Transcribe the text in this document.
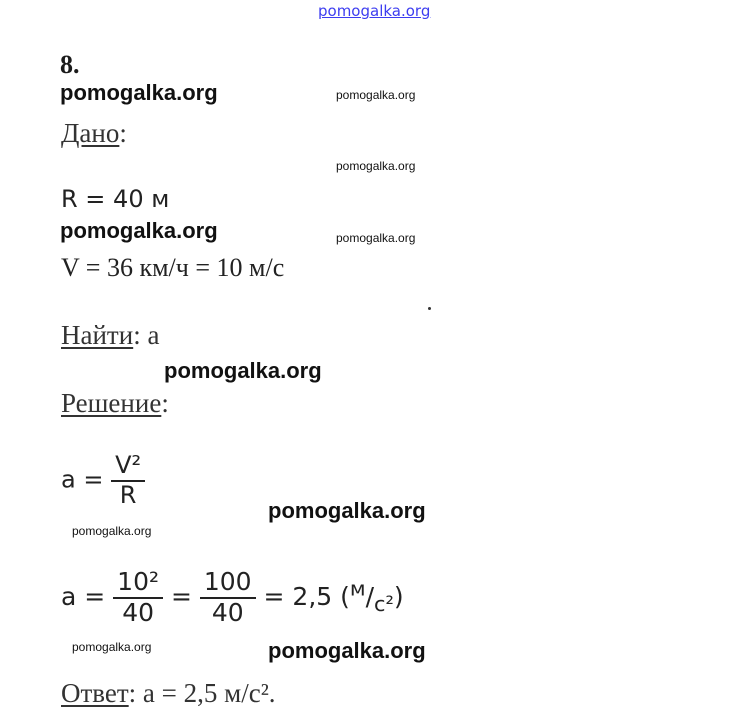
pomogalka.org
8.
pomogalka.org	pomogalka.org
Дано:
pomogalka.org
R = 40 м
pomogalka.org	pomogalka.org
V = 36 км/ч = 10 м/с
Найти: a
pomogalka.org
Решение:
$a = \frac{\text{V²}}{R}$
pomogalka.org
pomogalka.org
$a = \frac{\text{10²}}{40} = \frac{100}{40} = 2,5$ $(^м/_{с^2})$
pomogalka.org	pomogalka.org
Ответ: a = 2,5 м/с².
